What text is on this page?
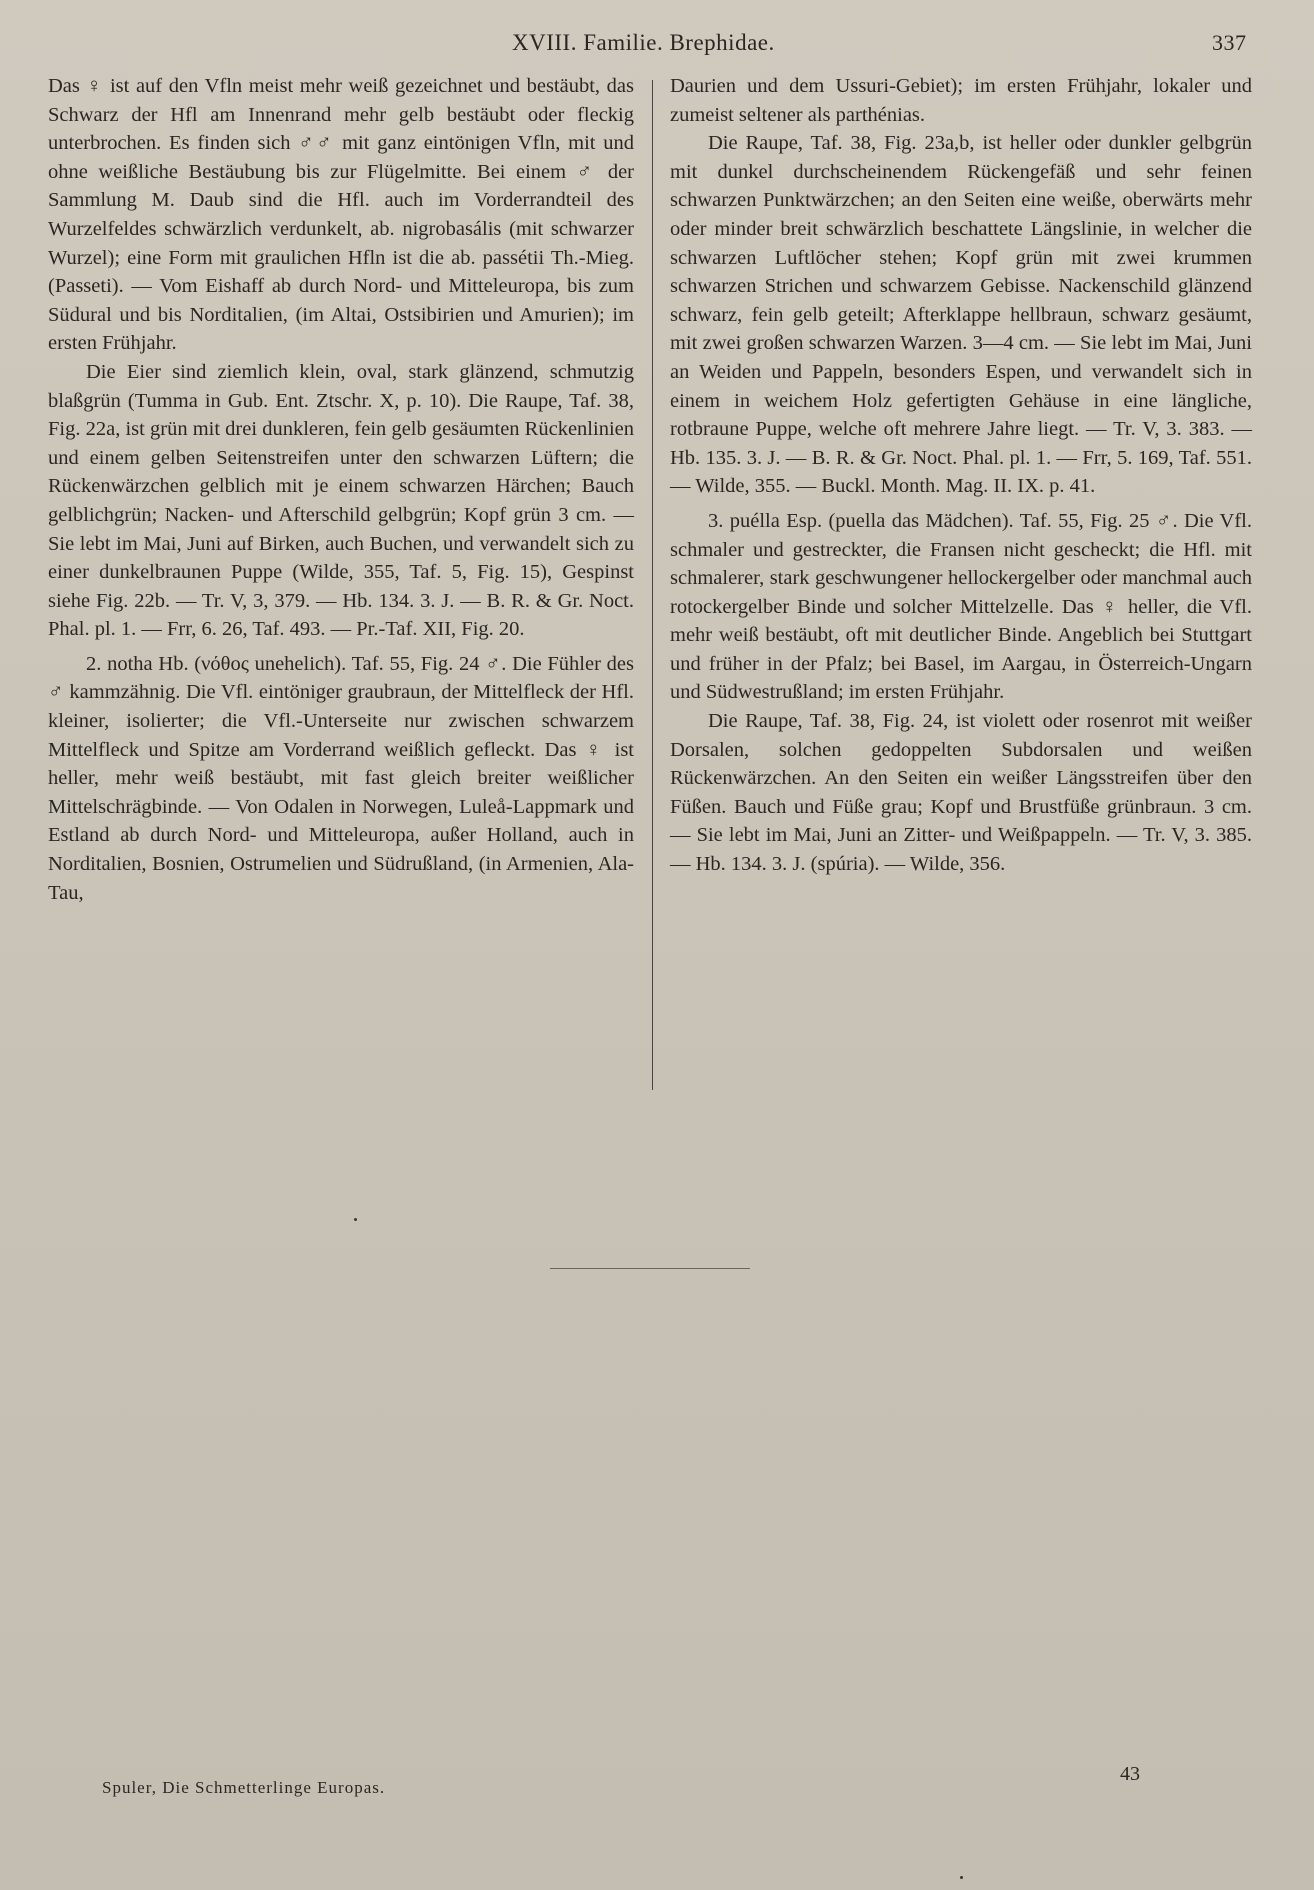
XVIII. Familie. Brephidae.	337

Das ♀ ist auf den Vfln meist mehr weiß gezeichnet und bestäubt, das Schwarz der Hfl am Innenrand mehr gelb bestäubt oder fleckig unterbrochen. Es finden sich ♂♂ mit ganz eintönigen Vfln, mit und ohne weißliche Bestäubung bis zur Flügelmitte. Bei einem ♂ der Sammlung M. Daub sind die Hfl. auch im Vorderrandteil des Wurzelfeldes schwärzlich verdunkelt, ab. nigrobasális (mit schwarzer Wurzel); eine Form mit graulichen Hfln ist die ab. passétii Th.-Mieg. (Passeti). — Vom Eishaff ab durch Nord- und Mitteleuropa, bis zum Südural und bis Norditalien, (im Altai, Ostsibirien und Amurien); im ersten Frühjahr.

Die Eier sind ziemlich klein, oval, stark glänzend, schmutzig blaßgrün (Tumma in Gub. Ent. Ztschr. X, p. 10). Die Raupe, Taf. 38, Fig. 22a, ist grün mit drei dunkleren, fein gelb gesäumten Rückenlinien und einem gelben Seitenstreifen unter den schwarzen Lüftern; die Rückenwärzchen gelblich mit je einem schwarzen Härchen; Bauch gelblichgrün; Nacken- und Afterschild gelbgrün; Kopf grün 3 cm. — Sie lebt im Mai, Juni auf Birken, auch Buchen, und verwandelt sich zu einer dunkelbraunen Puppe (Wilde, 355, Taf. 5, Fig. 15), Gespinst siehe Fig. 22b. — Tr. V, 3, 379. — Hb. 134. 3. J. — B. R. & Gr. Noct. Phal. pl. 1. — Frr, 6. 26, Taf. 493. — Pr.-Taf. XII, Fig. 20.

2. notha Hb. (νόθος unehelich). Taf. 55, Fig. 24 ♂. Die Fühler des ♂ kammzähnig. Die Vfl. eintöniger graubraun, der Mittelfleck der Hfl. kleiner, isolierter; die Vfl.-Unterseite nur zwischen schwarzem Mittelfleck und Spitze am Vorderrand weißlich gefleckt. Das ♀ ist heller, mehr weiß bestäubt, mit fast gleich breiter weißlicher Mittelschrägbinde. — Von Odalen in Norwegen, Luleå-Lappmark und Estland ab durch Nord- und Mitteleuropa, außer Holland, auch in Norditalien, Bosnien, Ostrumelien und Südrußland, (in Armenien, Ala-Tau,

Daurien und dem Ussuri-Gebiet); im ersten Frühjahr, lokaler und zumeist seltener als parthénias.

Die Raupe, Taf. 38, Fig. 23a,b, ist heller oder dunkler gelbgrün mit dunkel durchscheinendem Rückengefäß und sehr feinen schwarzen Punktwärzchen; an den Seiten eine weiße, oberwärts mehr oder minder breit schwärzlich beschattete Längslinie, in welcher die schwarzen Luftlöcher stehen; Kopf grün mit zwei krummen schwarzen Strichen und schwarzem Gebisse. Nackenschild glänzend schwarz, fein gelb geteilt; Afterklappe hellbraun, schwarz gesäumt, mit zwei großen schwarzen Warzen. 3—4 cm. — Sie lebt im Mai, Juni an Weiden und Pappeln, besonders Espen, und verwandelt sich in einem in weichem Holz gefertigten Gehäuse in eine längliche, rotbraune Puppe, welche oft mehrere Jahre liegt. — Tr. V, 3. 383. — Hb. 135. 3. J. — B. R. & Gr. Noct. Phal. pl. 1. — Frr, 5. 169, Taf. 551. — Wilde, 355. — Buckl. Month. Mag. II. IX. p. 41.

3. puélla Esp. (puella das Mädchen). Taf. 55, Fig. 25 ♂. Die Vfl. schmaler und gestreckter, die Fransen nicht gescheckt; die Hfl. mit schmalerer, stark geschwungener hellockergelber oder manchmal auch rotockergelber Binde und solcher Mittelzelle. Das ♀ heller, die Vfl. mehr weiß bestäubt, oft mit deutlicher Binde. Angeblich bei Stuttgart und früher in der Pfalz; bei Basel, im Aargau, in Österreich-Ungarn und Südwestrußland; im ersten Frühjahr.

Die Raupe, Taf. 38, Fig. 24, ist violett oder rosenrot mit weißer Dorsalen, solchen gedoppelten Subdorsalen und weißen Rückenwärzchen. An den Seiten ein weißer Längsstreifen über den Füßen. Bauch und Füße grau; Kopf und Brustfüße grünbraun. 3 cm. — Sie lebt im Mai, Juni an Zitter- und Weißpappeln. — Tr. V, 3. 385. — Hb. 134. 3. J. (spúria). — Wilde, 356.

Spuler, Die Schmetterlinge Europas.
43
